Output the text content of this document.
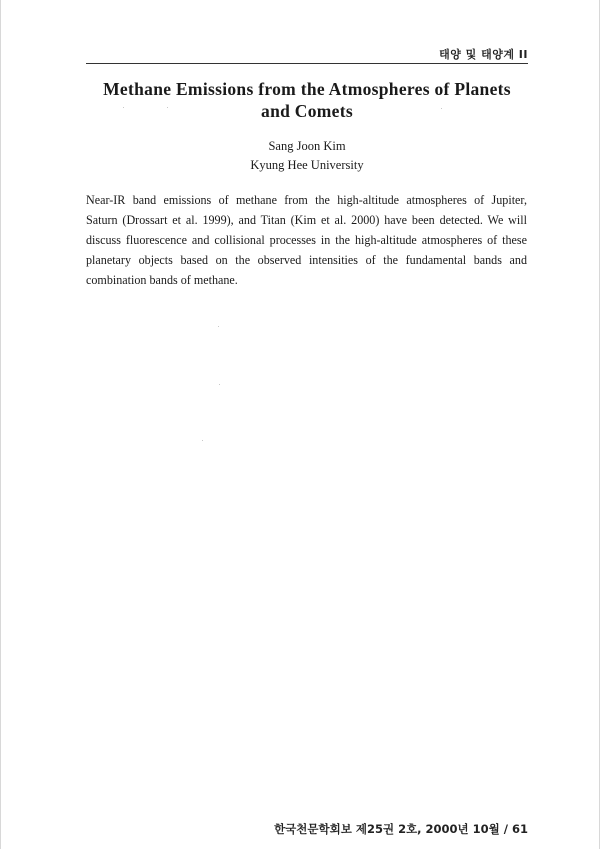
태양 및 태양계 II
Methane Emissions from the Atmospheres of Planets
and Comets
Sang Joon Kim
Kyung Hee University
Near-IR band emissions of methane from the high-altitude atmospheres of Jupiter,
Saturn (Drossart et al. 1999), and Titan (Kim et al. 2000) have been detected. We will
discuss fluorescence and collisional processes in the high-altitude atmospheres of these
planetary objects based on the observed intensities of the fundamental bands and
combination bands of methane.
한국천문학회보 제25권 2호, 2000년 10월 / 61
